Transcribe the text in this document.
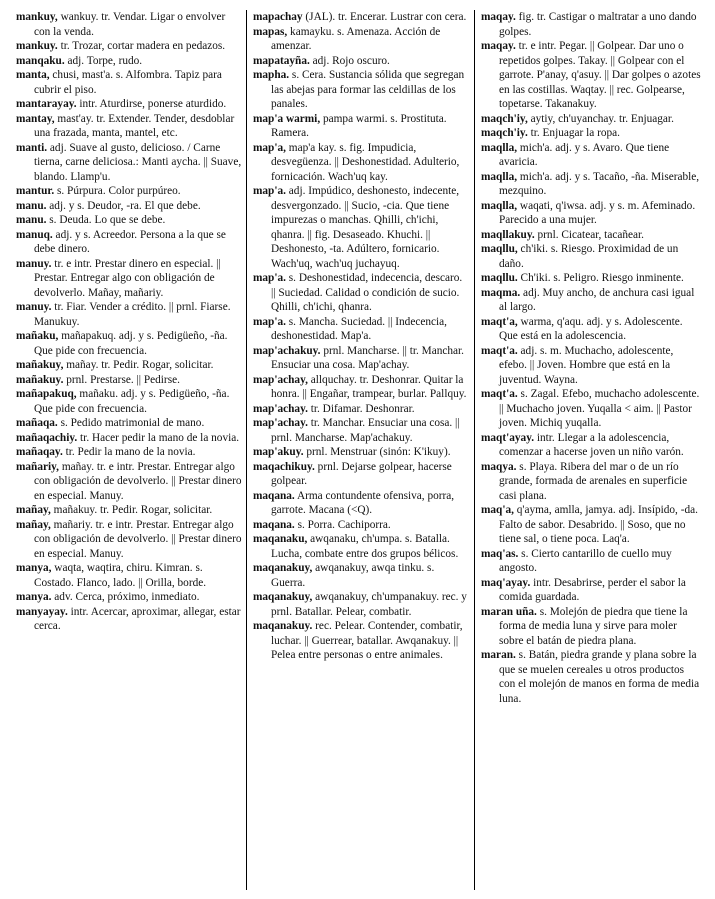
mankuy, wankuy. tr. Vendar. Ligar o envolver con la venda.

mankuy. tr. Trozar, cortar madera en pedazos.

manqaku. adj. Torpe, rudo.

manta, chusi, mast'a. s. Alfombra. Tapiz para cubrir el piso.

mantarayay. intr. Aturdirse, ponerse aturdido.

mantay, mast'ay. tr. Extender. Tender, desdoblar una frazada, manta, mantel, etc.

manti. adj. Suave al gusto, delicioso. / Carne tierna, carne deliciosa.: Manti aycha. || Suave, blando. Llamp'u.

mantur. s. Púrpura. Color purpúreo.

manu. adj. y s. Deudor, -ra. El que debe.

manu. s. Deuda. Lo que se debe.

manuq. adj. y s. Acreedor. Persona a la que se debe dinero.

manuy. tr. e intr. Prestar dinero en especial. || Prestar. Entregar algo con obligación de devolverlo. Mañay, mañariy.

manuy. tr. Fiar. Vender a crédito. || prnl. Fiarse. Manukuy.

mañaku, mañapakuq. adj. y s. Pedigüeño, -ña. Que pide con frecuencia.

mañakuy, mañay. tr. Pedir. Rogar, solicitar.

mañakuy. prnl. Prestarse. || Pedirse.

mañapakuq, mañaku. adj. y s. Pedigüeño, -ña. Que pide con frecuencia.

mañaqa. s. Pedido matrimonial de mano.

mañaqachiy. tr. Hacer pedir la mano de la novia.

mañaqay. tr. Pedir la mano de la novia.

mañariy, mañay. tr. e intr. Prestar. Entregar algo con obligación de devolverlo. || Prestar dinero en especial. Manuy.

mañay, mañakuy. tr. Pedir. Rogar, solicitar.

mañay, mañariy. tr. e intr. Prestar. Entregar algo con obligación de devolverlo. || Prestar dinero en especial. Manuy.

manya, waqta, waqtira, chiru. Kimran. s. Costado. Flanco, lado. || Orilla, borde.

manya. adv. Cerca, próximo, inmediato.

manyayay. intr. Acercar, aproximar, allegar, estar cerca.

mapachay (JAL). tr. Encerar. Lustrar con cera.

mapas, kamayku. s. Amenaza. Acción de amenzar.

mapatayña. adj. Rojo oscuro.

mapha. s. Cera. Sustancia sólida que segregan las abejas para formar las celdillas de los panales.

map'a warmi, pampa warmi. s. Prostituta. Ramera.

map'a, map'a kay. s. fig. Impudicia, desvegüenza. || Deshonestidad. Adulterio, fornicación. Wach'uq kay.

map'a. adj. Impúdico, deshonesto, indecente, desvergonzado. || Sucio, -cia. Que tiene impurezas o manchas. Qhilli, ch'ichi, qhanra. || fig. Desaseado. Khuchi. || Deshonesto, -ta. Adúltero, fornicario. Wach'uq, wach'uq juchayuq.

map'a. s. Deshonestidad, indecencia, descaro. || Suciedad. Calidad o condición de sucio. Qhilli, ch'ichi, qhanra.

map'a. s. Mancha. Suciedad. || Indecencia, deshonestidad. Map'a.

map'achakuy. prnl. Mancharse. || tr. Manchar. Ensuciar una cosa. Map'achay.

map'achay, allquchay. tr. Deshonrar. Quitar la honra. || Engañar, trampear, burlar. Pallquy.

map'achay. tr. Difamar. Deshonrar.

map'achay. tr. Manchar. Ensuciar una cosa. || prnl. Mancharse. Map'achakuy.

map'akuy. prnl. Menstruar (sinón: K'ikuy).

maqachikuy. prnl. Dejarse golpear, hacerse golpear.

maqana. Arma contundente ofensiva, porra, garrote. Macana (<Q).

maqana. s. Porra. Cachiporra.

maqanaku, awqanaku, ch'umpa. s. Batalla. Lucha, combate entre dos grupos bélicos.

maqanakuy, awqanakuy, awqa tinku. s. Guerra.

maqanakuy, awqanakuy, ch'umpanakuy. rec. y prnl. Batallar. Pelear, combatir.

maqanakuy. rec. Pelear. Contender, combatir, luchar. || Guerrear, batallar. Awqanakuy. || Pelea entre personas o entre animales.

maqay. fig. tr. Castigar o maltratar a uno dando golpes.

maqay. tr. e intr. Pegar. || Golpear. Dar uno o repetidos golpes. Takay. || Golpear con el garrote. P'anay, q'asuy. || Dar golpes o azotes en las costillas. Waqtay. || rec. Golpearse, topetarse. Takanakuy.

maqch'iy, aytiy, ch'uyanchay. tr. Enjuagar.

maqch'iy. tr. Enjuagar la ropa.

maqlla, mich'a. adj. y s. Avaro. Que tiene avaricia.

maqlla, mich'a. adj. y s. Tacaño, -ña. Miserable, mezquino.

maqlla, waqati, q'iwsa. adj. y s. m. Afeminado. Parecido a una mujer.

maqllakuy. prnl. Cicatear, tacañear.

maqllu, ch'iki. s. Riesgo. Proximidad de un daño.

maqllu. Ch'iki. s. Peligro. Riesgo inminente.

maqma. adj. Muy ancho, de anchura casi igual al largo.

maqt'a, warma, q'aqu. adj. y s. Adolescente. Que está en la adolescencia.

maqt'a. adj. s. m. Muchacho, adolescente, efebo. || Joven. Hombre que está en la juventud. Wayna.

maqt'a. s. Zagal. Efebo, muchacho adolescente. || Muchacho joven. Yuqalla < aim. || Pastor joven. Michiq yuqalla.

maqt'ayay. intr. Llegar a la adolescencia, comenzar a hacerse joven un niño varón.

maqya. s. Playa. Ribera del mar o de un río grande, formada de arenales en superficie casi plana.

maq'a, q'ayma, amlla, jamya. adj. Insípido, -da. Falto de sabor. Desabrido. || Soso, que no tiene sal, o tiene poca. Laq'a.

maq'as. s. Cierto cantarillo de cuello muy angosto.

maq'ayay. intr. Desabrirse, perder el sabor la comida guardada.

maran uña. s. Molejón de piedra que tiene la forma de media luna y sirve para moler sobre el batán de piedra plana.

maran. s. Batán, piedra grande y plana sobre la que se muelen cereales u otros productos con el molejón de manos en forma de media luna.
